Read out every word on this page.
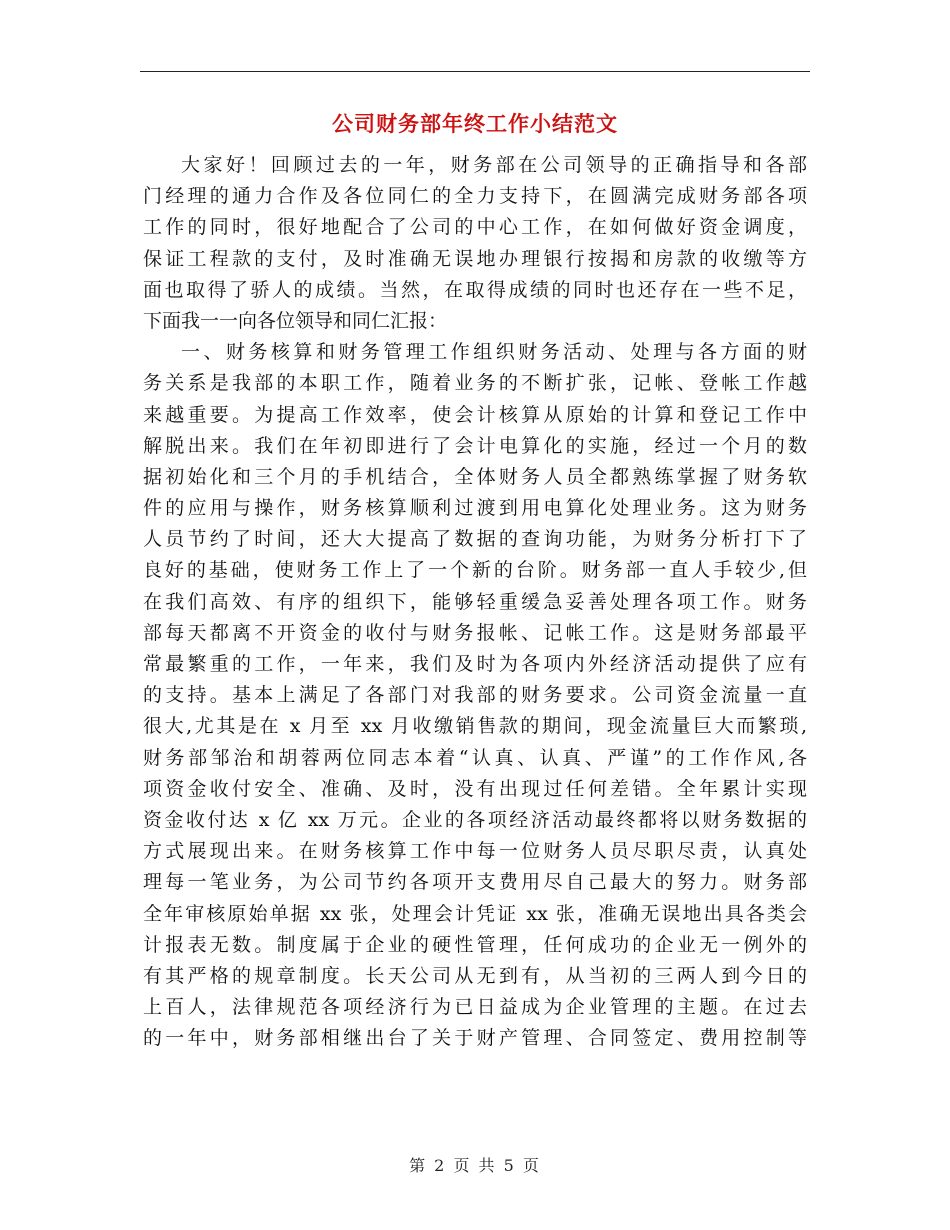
公司财务部年终工作小结范文
大家好！回顾过去的一年，财务部在公司领导的正确指导和各部
门经理的通力合作及各位同仁的全力支持下，在圆满完成财务部各项
工作的同时，很好地配合了公司的中心工作，在如何做好资金调度，
保证工程款的支付，及时准确无误地办理银行按揭和房款的收缴等方
面也取得了骄人的成绩。当然，在取得成绩的同时也还存在一些不足，
下面我一一向各位领导和同仁汇报：
一、财务核算和财务管理工作组织财务活动、处理与各方面的财
务关系是我部的本职工作，随着业务的不断扩张，记帐、登帐工作越
来越重要。为提高工作效率，使会计核算从原始的计算和登记工作中
解脱出来。我们在年初即进行了会计电算化的实施，经过一个月的数
据初始化和三个月的手机结合，全体财务人员全都熟练掌握了财务软
件的应用与操作，财务核算顺利过渡到用电算化处理业务。这为财务
人员节约了时间，还大大提高了数据的查询功能，为财务分析打下了
良好的基础，使财务工作上了一个新的台阶。财务部一直人手较少,但
在我们高效、有序的组织下，能够轻重缓急妥善处理各项工作。财务
部每天都离不开资金的收付与财务报帐、记帐工作。这是财务部最平
常最繁重的工作，一年来，我们及时为各项内外经济活动提供了应有
的支持。基本上满足了各部门对我部的财务要求。公司资金流量一直
很大,尤其是在 x 月至 xx 月收缴销售款的期间，现金流量巨大而繁琐,
财务部邹治和胡蓉两位同志本着“认真、认真、严谨”的工作作风,各
项资金收付安全、准确、及时，没有出现过任何差错。全年累计实现
资金收付达 x 亿 xx 万元。企业的各项经济活动最终都将以财务数据的
方式展现出来。在财务核算工作中每一位财务人员尽职尽责，认真处
理每一笔业务，为公司节约各项开支费用尽自己最大的努力。财务部
全年审核原始单据 xx 张，处理会计凭证 xx 张，准确无误地出具各类会
计报表无数。制度属于企业的硬性管理，任何成功的企业无一例外的
有其严格的规章制度。长天公司从无到有，从当初的三两人到今日的
上百人，法律规范各项经济行为已日益成为企业管理的主题。在过去
的一年中，财务部相继出台了关于财产管理、合同签定、费用控制等
第 2 页 共 5 页
